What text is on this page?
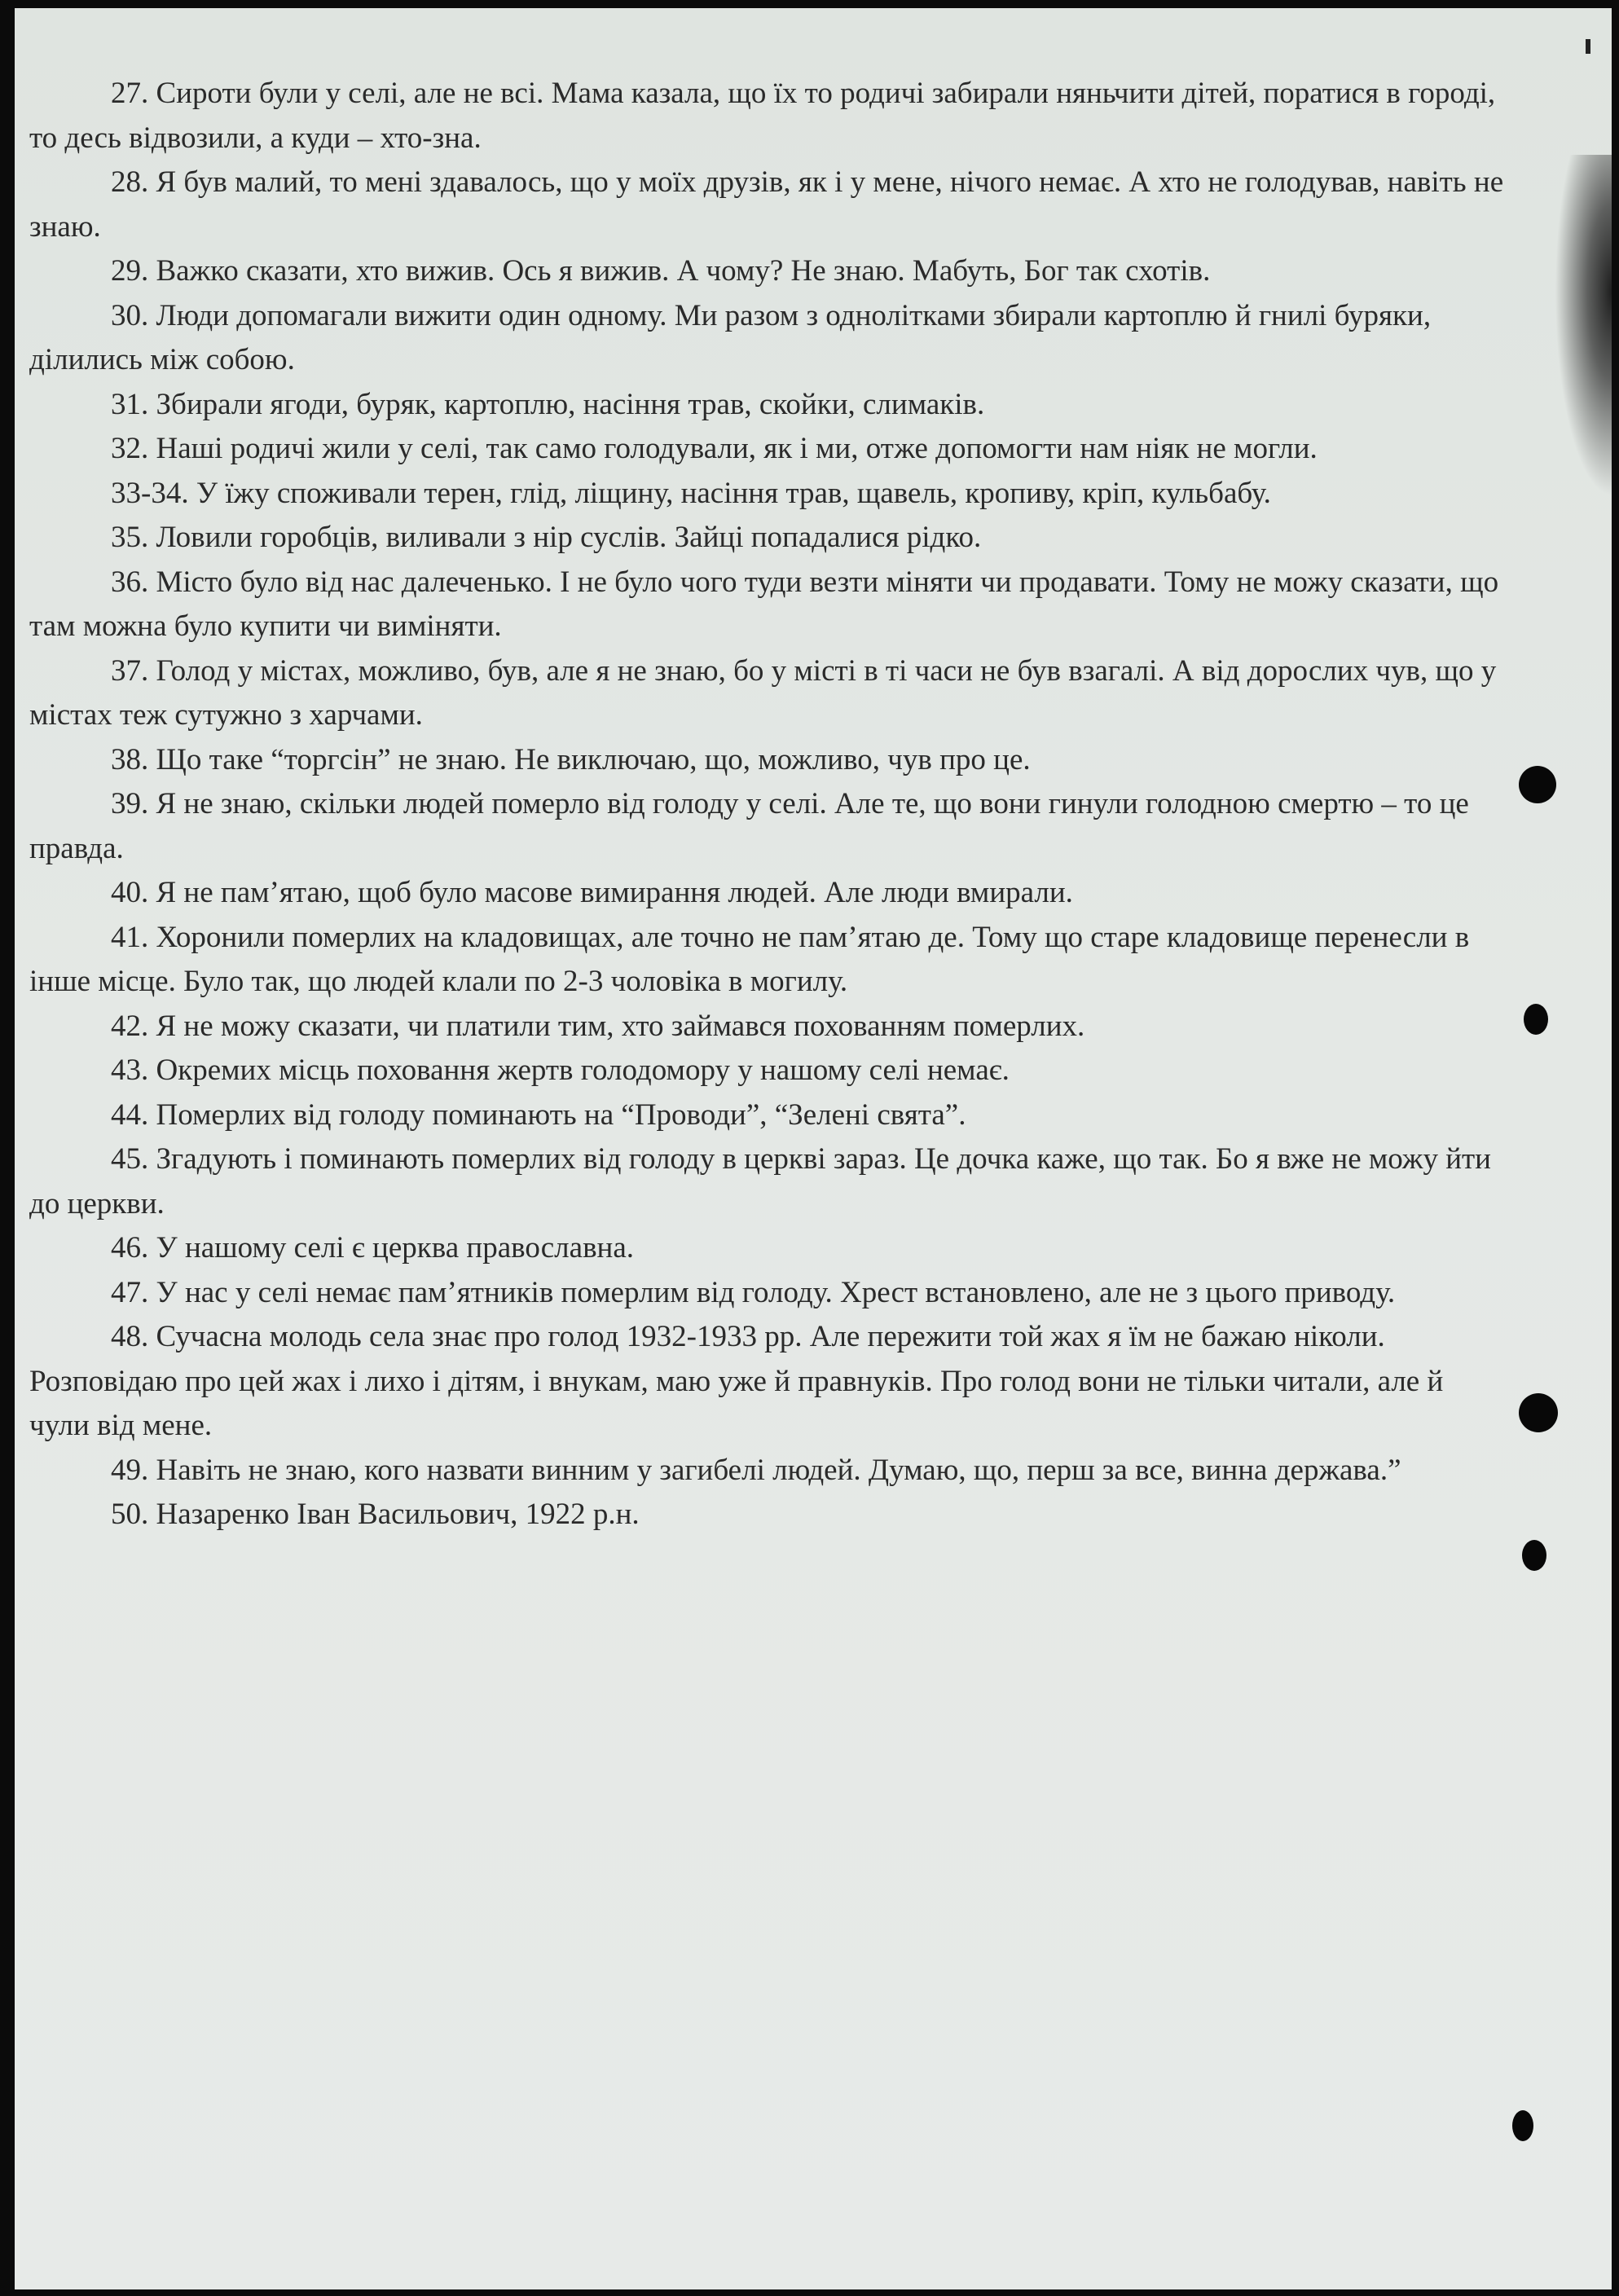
27. Сироти були у селі, але не всі. Мама казала, що їх то родичі забирали няньчити дітей, поратися в городі, то десь відвозили, а куди – хто-зна.

28. Я був малий, то мені здавалось, що у моїх друзів, як і у мене, нічого немає. А хто не голодував, навіть не знаю.

29. Важко сказати, хто вижив. Ось я вижив. А чому? Не знаю. Мабуть, Бог так схотів.

30. Люди допомагали вижити один одному. Ми разом з однолітками збирали картоплю й гнилі буряки, ділились між собою.

31. Збирали ягоди, буряк, картоплю, насіння трав, скойки, слимаків.

32. Наші родичі жили у селі, так само голодували, як і ми, отже допомогти нам ніяк не могли.

33-34. У їжу споживали терен, глід, ліщину, насіння трав, щавель, кропиву, кріп, кульбабу.

35. Ловили горобців, виливали з нір суслів. Зайці попадалися рідко.

36. Місто було від нас далеченько. І не було чого туди везти міняти чи продавати. Тому не можу сказати, що там можна було купити чи виміняти.

37. Голод у містах, можливо, був, але я не знаю, бо у місті в ті часи не був взагалі. А від дорослих чув, що у містах теж сутужно з харчами.

38. Що таке “торгсін” не знаю. Не виключаю, що, можливо, чув про це.

39. Я не знаю, скільки людей померло від голоду у селі. Але те, що вони гинули голодною смертю – то це правда.

40. Я не пам’ятаю, щоб було масове вимирання людей. Але люди вмирали.

41. Хоронили померлих на кладовищах, але точно не пам’ятаю де. Тому що старе кладовище перенесли в інше місце. Було так, що людей клали по 2-3 чоловіка в могилу.

42. Я не можу сказати, чи платили тим, хто займався похованням померлих.

43. Окремих місць поховання жертв голодомору у нашому селі немає.

44. Померлих від голоду поминають на “Проводи”, “Зелені свята”.

45. Згадують і поминають померлих від голоду в церкві зараз. Це дочка каже, що так. Бо я вже не можу йти до церкви.

46. У нашому селі є церква православна.

47. У нас у селі немає пам’ятників померлим від голоду. Хрест встановлено, але не з цього приводу.

48. Сучасна молодь села знає про голод 1932-1933 рр. Але пережити той жах я їм не бажаю ніколи. Розповідаю про цей жах і лихо і дітям, і внукам, маю уже й правнуків. Про голод вони не тільки читали, але й чули від мене.

49. Навіть не знаю, кого назвати винним у загибелі людей. Думаю, що, перш за все, винна держава.”

50. Назаренко Іван Васильович, 1922 р.н.
